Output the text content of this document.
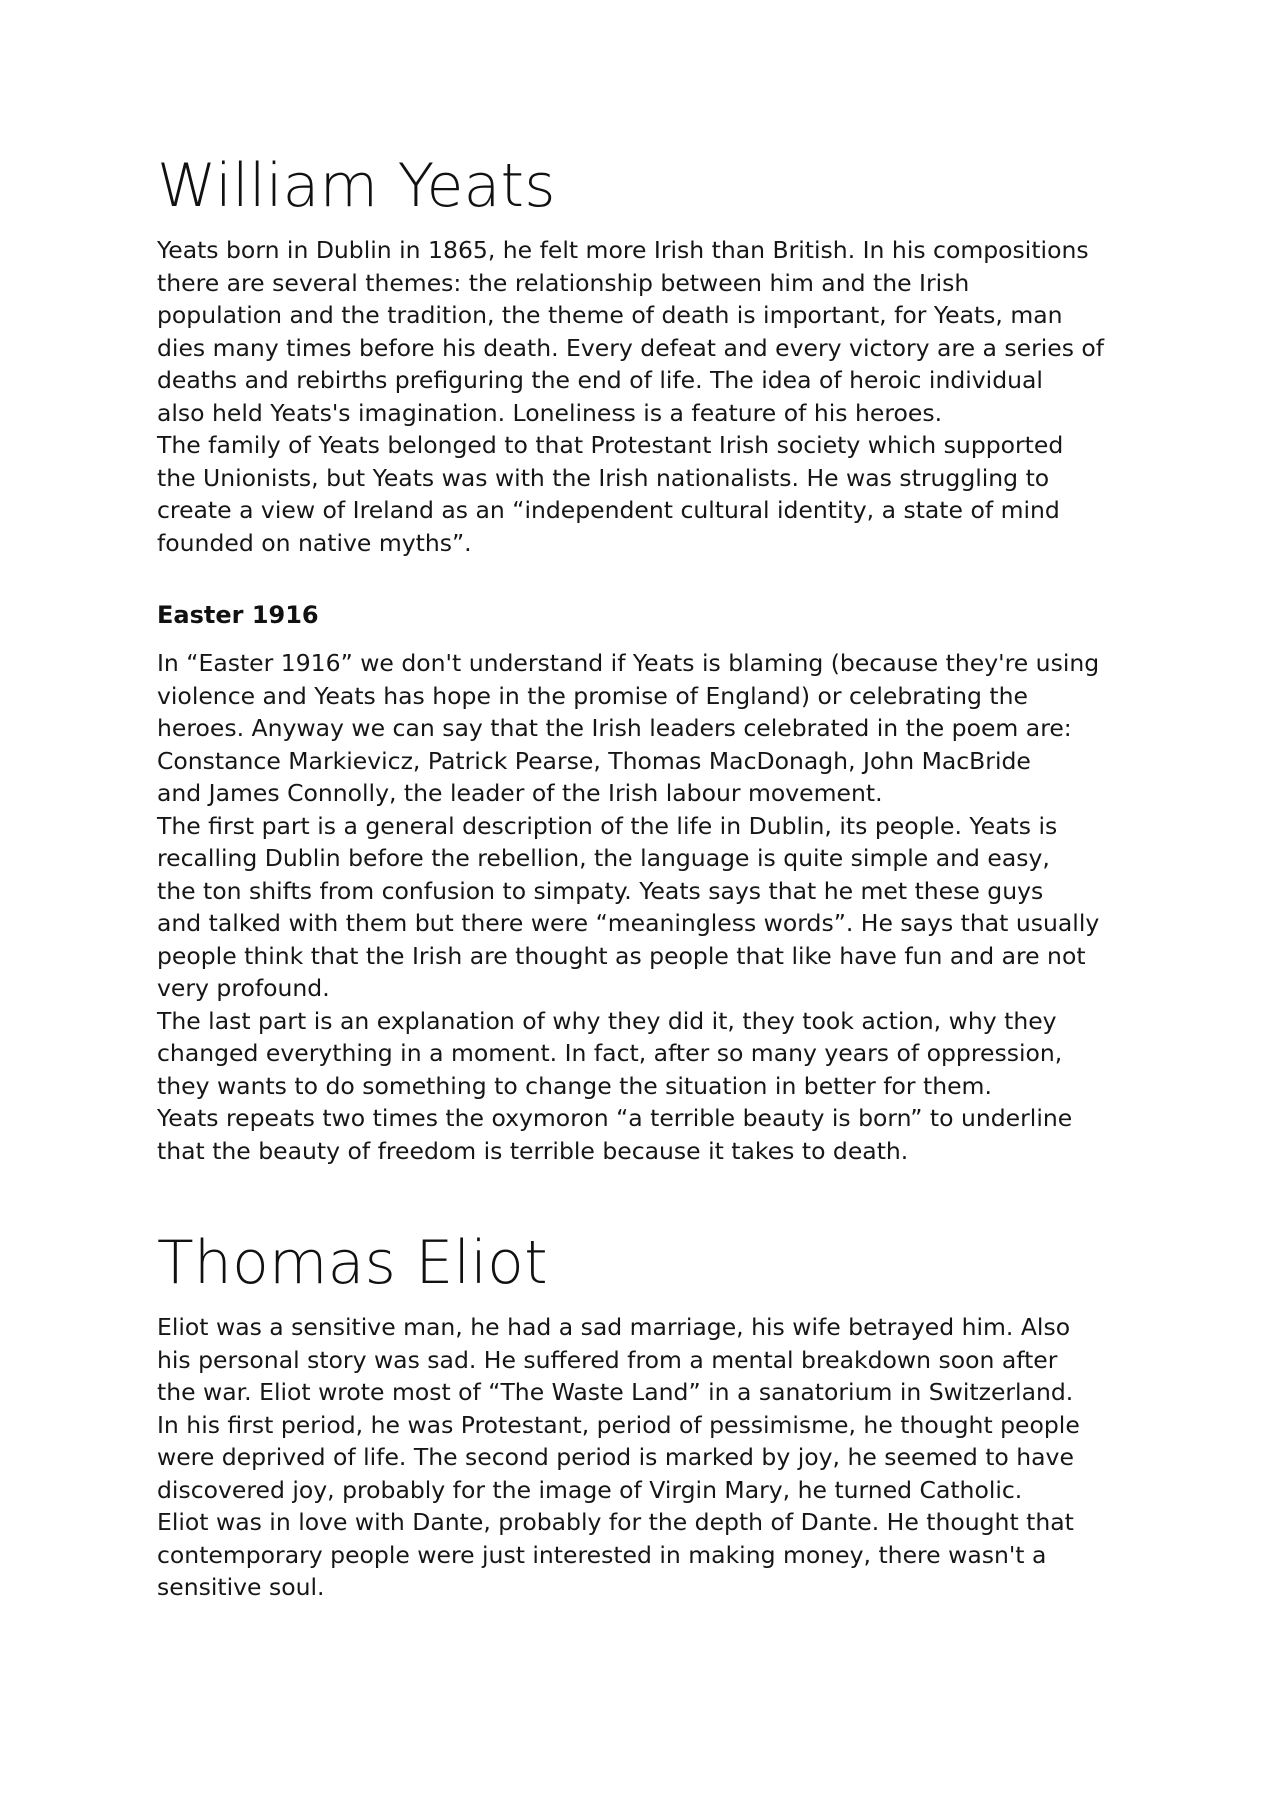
William Yeats

Yeats born in Dublin in 1865, he felt more Irish than British. In his compositions
there are several themes: the relationship between him and the Irish
population and the tradition, the theme of death is important, for Yeats, man
dies many times before his death. Every defeat and every victory are a series of
deaths and rebirths prefiguring the end of life. The idea of heroic individual
also held Yeats's imagination. Loneliness is a feature of his heroes.

The family of Yeats belonged to that Protestant Irish society which supported
the Unionists, but Yeats was with the Irish nationalists. He was struggling to
create a view of Ireland as an “independent cultural identity, a state of mind
founded on native myths”.

Easter 1916

In “Easter 1916” we don't understand if Yeats is blaming (because they're using
violence and Yeats has hope in the promise of England) or celebrating the
heroes. Anyway we can say that the Irish leaders celebrated in the poem are:
Constance Markievicz, Patrick Pearse, Thomas MacDonagh, John MacBride
and James Connolly, the leader of the Irish labour movement.

The first part is a general description of the life in Dublin, its people. Yeats is
recalling Dublin before the rebellion, the language is quite simple and easy,
the ton shifts from confusion to simpaty. Yeats says that he met these guys
and talked with them but there were “meaningless words”. He says that usually
people think that the Irish are thought as people that like have fun and are not
very profound.

The last part is an explanation of why they did it, they took action, why they
changed everything in a moment. In fact, after so many years of oppression,
they wants to do something to change the situation in better for them.

Yeats repeats two times the oxymoron “a terrible beauty is born” to underline
that the beauty of freedom is terrible because it takes to death.

Thomas Eliot

Eliot was a sensitive man, he had a sad marriage, his wife betrayed him. Also
his personal story was sad. He suffered from a mental breakdown soon after
the war. Eliot wrote most of “The Waste Land” in a sanatorium in Switzerland.

In his first period, he was Protestant, period of pessimisme, he thought people
were deprived of life. The second period is marked by joy, he seemed to have
discovered joy, probably for the image of Virgin Mary, he turned Catholic.

Eliot was in love with Dante, probably for the depth of Dante. He thought that
contemporary people were just interested in making money, there wasn't a
sensitive soul.
